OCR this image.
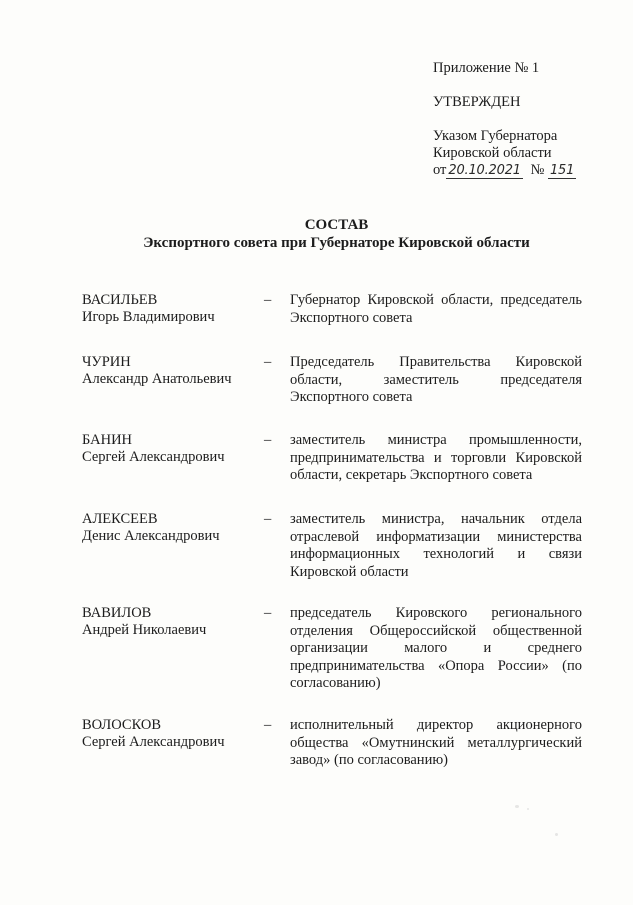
Приложение № 1
УТВЕРЖДЕН
Указом Губернатора
Кировской области
от 20.10.2021 № 151
СОСТАВ
Экспортного совета при Губернаторе Кировской области
ВАСИЛЬЕВ
Игорь Владимирович
– Губернатор Кировской области, председатель Экспортного совета
ЧУРИН
Александр Анатольевич
– Председатель Правительства Кировской области, заместитель председателя Экспортного совета
БАНИН
Сергей Александрович
– заместитель министра промышленности, предпринимательства и торговли Кировской области, секретарь Экспортного совета
АЛЕКСЕЕВ
Денис Александрович
– заместитель министра, начальник отдела отраслевой информатизации министерства информационных технологий и связи Кировской области
ВАВИЛОВ
Андрей Николаевич
– председатель Кировского регионального отделения Общероссийской общественной организации малого и среднего предпринимательства «Опора России» (по согласованию)
ВОЛОСКОВ
Сергей Александрович
– исполнительный директор акционерного общества «Омутнинский металлургический завод» (по согласованию)
